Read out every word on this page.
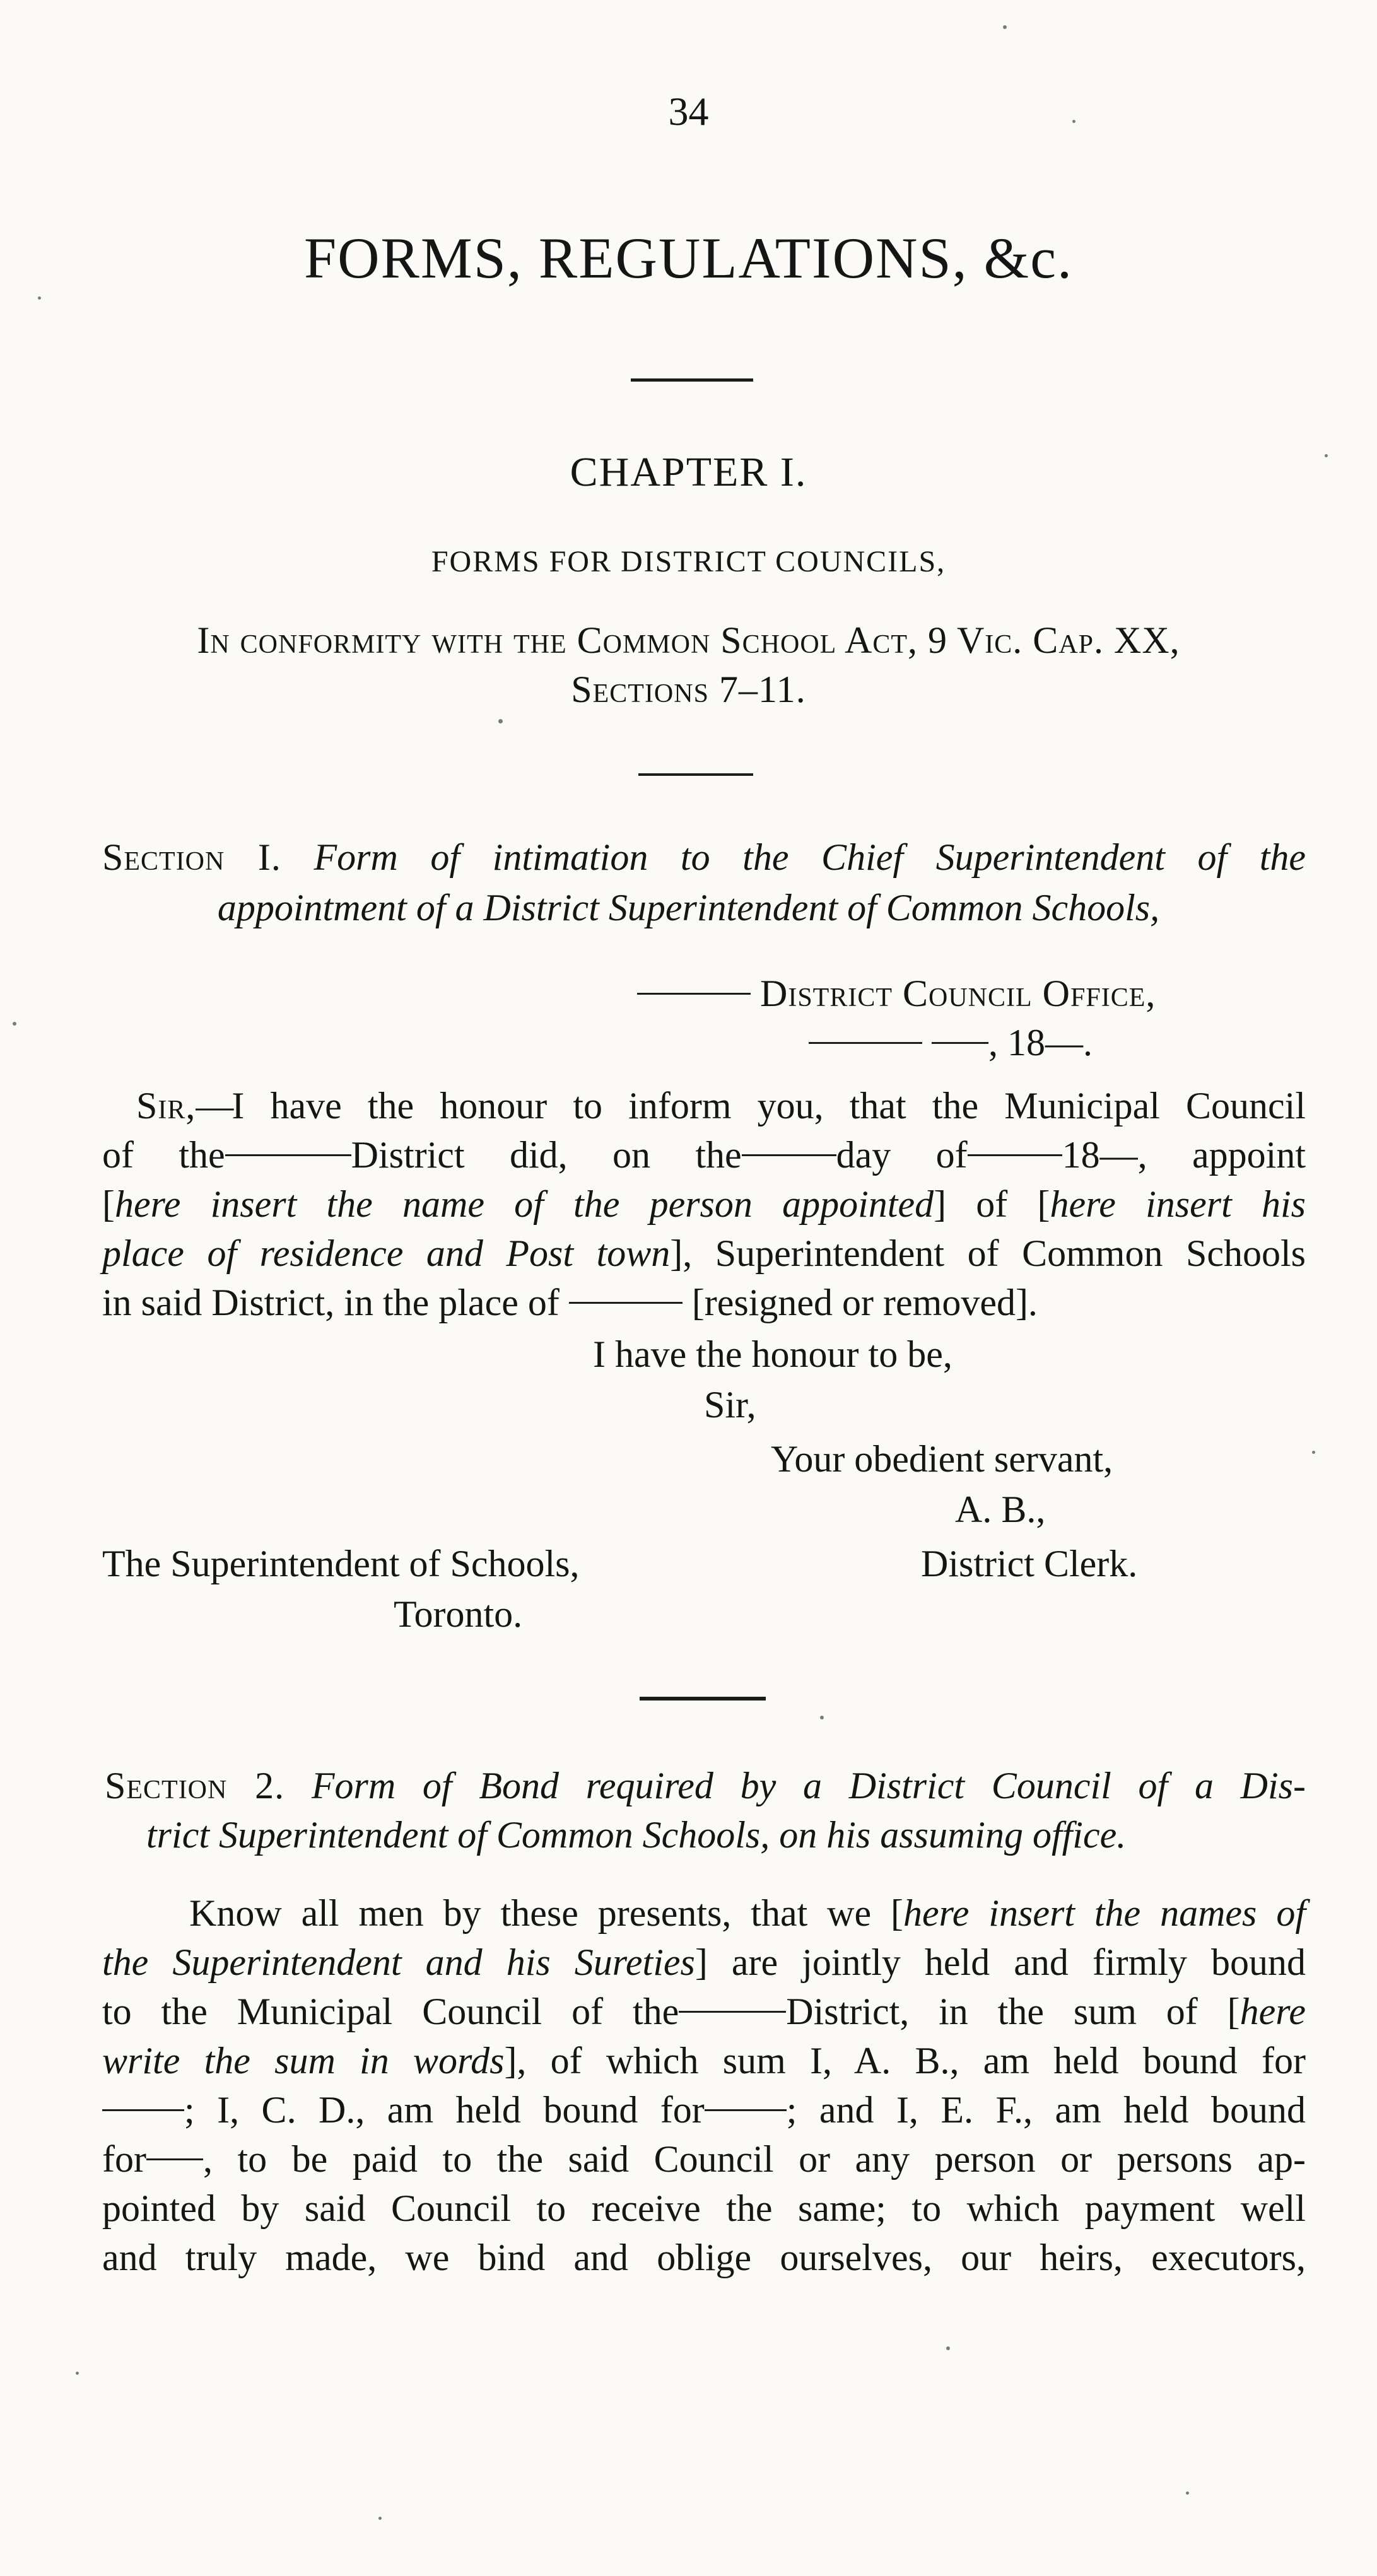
34
FORMS, REGULATIONS, &c.
CHAPTER I.
FORMS FOR DISTRICT COUNCILS,
In conformity with the Common School Act, 9 Vic. Cap. XX,
Sections 7–11.
Section I. Form of intimation to the Chief Superintendent of the
appointment of a District Superintendent of Common Schools,
District Council Office,
, 18—.
Sir,—I have the honour to inform you, that the Municipal Council
of the	District did, on the	day of	18—, appoint
[here insert the name of the person appointed] of [here insert his
place of residence and Post town], Superintendent of Common Schools
in said District, in the place of	[resigned or removed].
I have the honour to be,
Sir,
Your obedient servant,
A. B.,
The Superintendent of Schools,	District Clerk.
Toronto.
Section 2. Form of Bond required by a District Council of a Dis-
trict Superintendent of Common Schools, on his assuming office.
Know all men by these presents, that we [here insert the names of
the Superintendent and his Sureties] are jointly held and firmly bound
to the Municipal Council of the	District, in the sum of [here
write the sum in words], of which sum I, A. B., am held bound for
; I, C. D., am held bound for ; and I, E. F., am held bound
for , to be paid to the said Council or any person or persons ap-
pointed by said Council to receive the same; to which payment well
and truly made, we bind and oblige ourselves, our heirs, executors,
